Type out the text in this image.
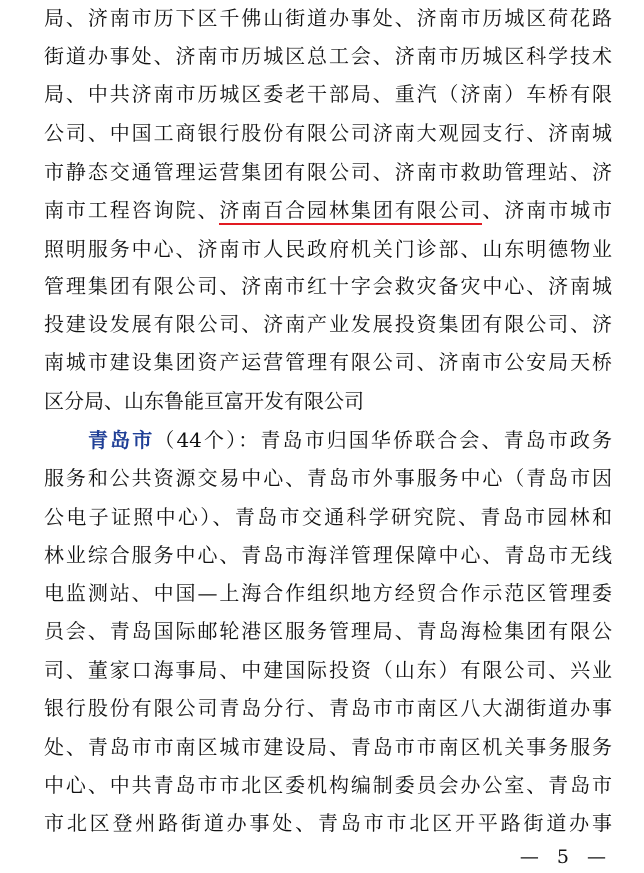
局、济南市历下区千佛山街道办事处、济南市历城区荷花路
街道办事处、济南市历城区总工会、济南市历城区科学技术
局、中共济南市历城区委老干部局、重汽（济南）车桥有限
公司、中国工商银行股份有限公司济南大观园支行、济南城
市静态交通管理运营集团有限公司、济南市救助管理站、济
南市工程咨询院、济南百合园林集团有限公司、济南市城市
照明服务中心、济南市人民政府机关门诊部、山东明德物业
管理集团有限公司、济南市红十字会救灾备灾中心、济南城
投建设发展有限公司、济南产业发展投资集团有限公司、济
南城市建设集团资产运营管理有限公司、济南市公安局天桥
区分局、山东鲁能亘富开发有限公司
青岛市（44个）：青岛市归国华侨联合会、青岛市政务
服务和公共资源交易中心、青岛市外事服务中心（青岛市因
公电子证照中心）、青岛市交通科学研究院、青岛市园林和
林业综合服务中心、青岛市海洋管理保障中心、青岛市无线
电监测站、中国—上海合作组织地方经贸合作示范区管理委
员会、青岛国际邮轮港区服务管理局、青岛海检集团有限公
司、董家口海事局、中建国际投资（山东）有限公司、兴业
银行股份有限公司青岛分行、青岛市市南区八大湖街道办事
处、青岛市市南区城市建设局、青岛市市南区机关事务服务
中心、中共青岛市市北区委机构编制委员会办公室、青岛市
市北区登州路街道办事处、青岛市市北区开平路街道办事
— 5 —
